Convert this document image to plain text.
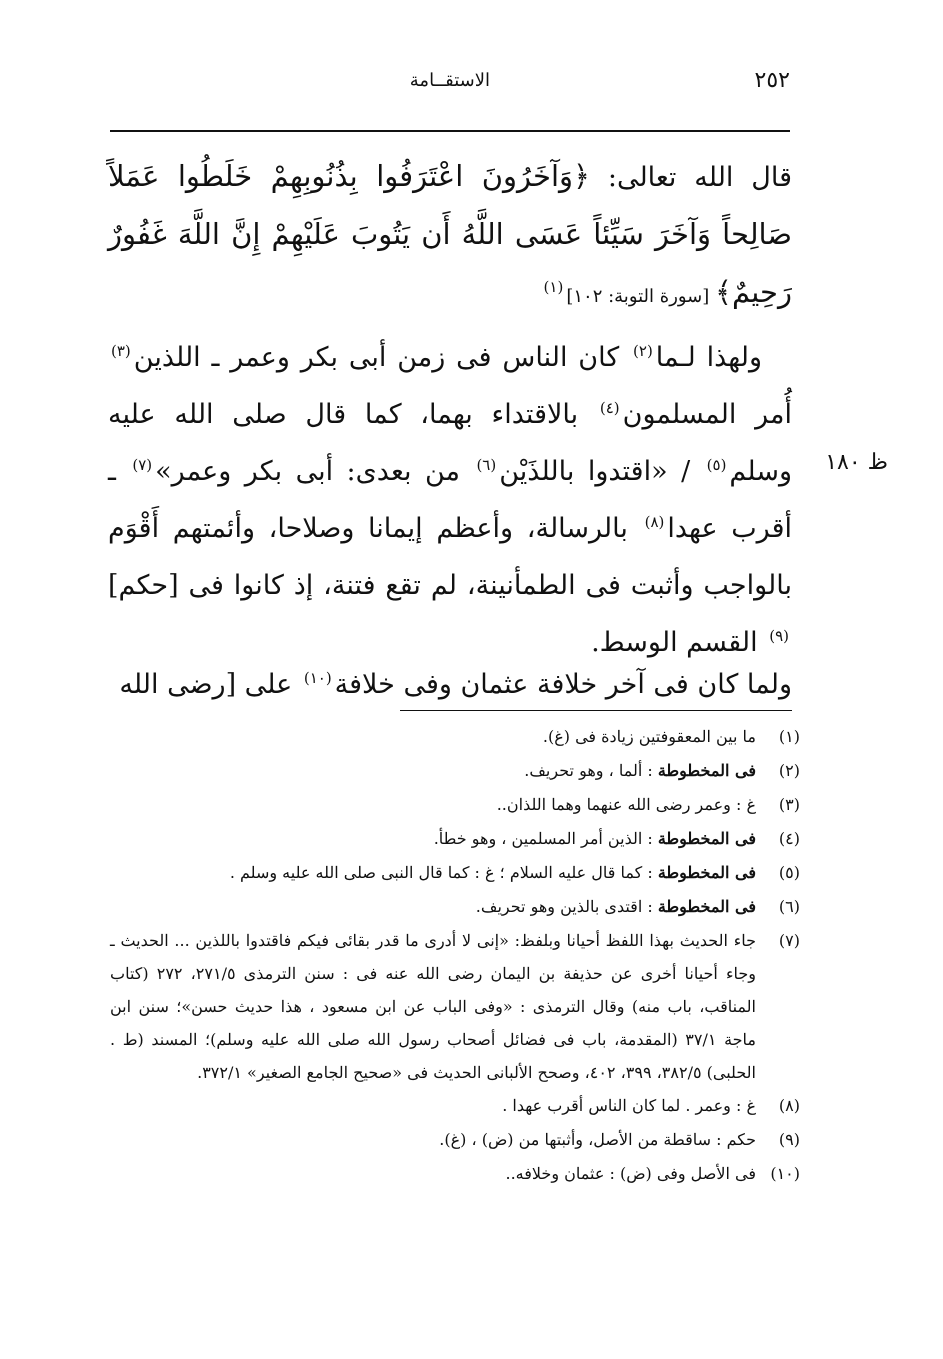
٢٥٢
الاستقــامة

قال الله تعالى: ﴿وَآخَرُونَ اعْتَرَفُوا بِذُنُوبِهِمْ خَلَطُوا عَمَلاً صَالِحاً وَآخَرَ سَيِّئاً عَسَى اللَّهُ أَن يَتُوبَ عَلَيْهِمْ إِنَّ اللَّهَ غَفُورٌ رَحِيمٌ﴾ [سورة التوبة: ١٠٢]$^{(١)}$

ولهذا لـما$^{(٢)}$ كان الناس فى زمن أبى بكر وعمر ـ اللذين$^{(٣)}$ أُمر المسلمون$^{(٤)}$ بالاقتداء بهما، كما قال صلى الله عليه وسلم$^{(٥)}$ / «اقتدوا باللذَيْن$^{(٦)}$ من بعدى: أبى بكر وعمر»$^{(٧)}$ ـ أقرب عهدا$^{(٨)}$ بالرسالة، وأعظم إيمانا وصلاحا، وأئمتهم أَقْوَم بالواجب وأثبت فى الطمأنينة، لم تقع فتنة، إذ كانوا فى [حكم]$^{(٩)}$ القسم الوسط.

ظ ١٨٠
ولما كان فى آخر خلافة عثمان وفى خلافة$^{(١٠)}$ على [رضى الله
(١)
ما بين المعقوفتين زيادة فى (غ).
(٢)
فى المخطوطة : ألما ، وهو تحريف.
(٣)
غ : وعمر رضى الله عنهما وهما اللذان..
(٤)
فى المخطوطة : الذين أمر المسلمين ، وهو خطأ.
(٥)
فى المخطوطة : كما قال عليه السلام ؛ غ : كما قال النبى صلى الله عليه وسلم .
(٦)
فى المخطوطة : اقتدى بالذين وهو تحريف.
(٧)
جاء الحديث بهذا اللفظ أحيانا وبلفظ: «إنى لا أدرى ما قدر بقائى فيكم فاقتدوا باللذين ... الحديث ـ وجاء أحيانا أخرى عن حذيفة بن اليمان رضى الله عنه فى : سنن الترمذى ٢٧١/٥، ٢٧٢ (كتاب المناقب، باب منه) وقال الترمذى : «وفى الباب عن ابن مسعود ، هذا حديث حسن»؛ سنن ابن ماجة ٣٧/١ (المقدمة، باب فى فضائل أصحاب رسول الله صلى الله عليه وسلم)؛ المسند (ط . الحلبى) ٣٨٢/٥، ٣٩٩، ٤٠٢، وصحح الألبانى الحديث فى «صحيح الجامع الصغير» ٣٧٢/١.
(٨)
غ : وعمر . لما كان الناس أقرب عهدا .
(٩)
حكم : ساقطة من الأصل، وأثبتها من (ض) ، (غ).
(١٠)
فى الأصل وفى (ض) : عثمان وخلافه..
